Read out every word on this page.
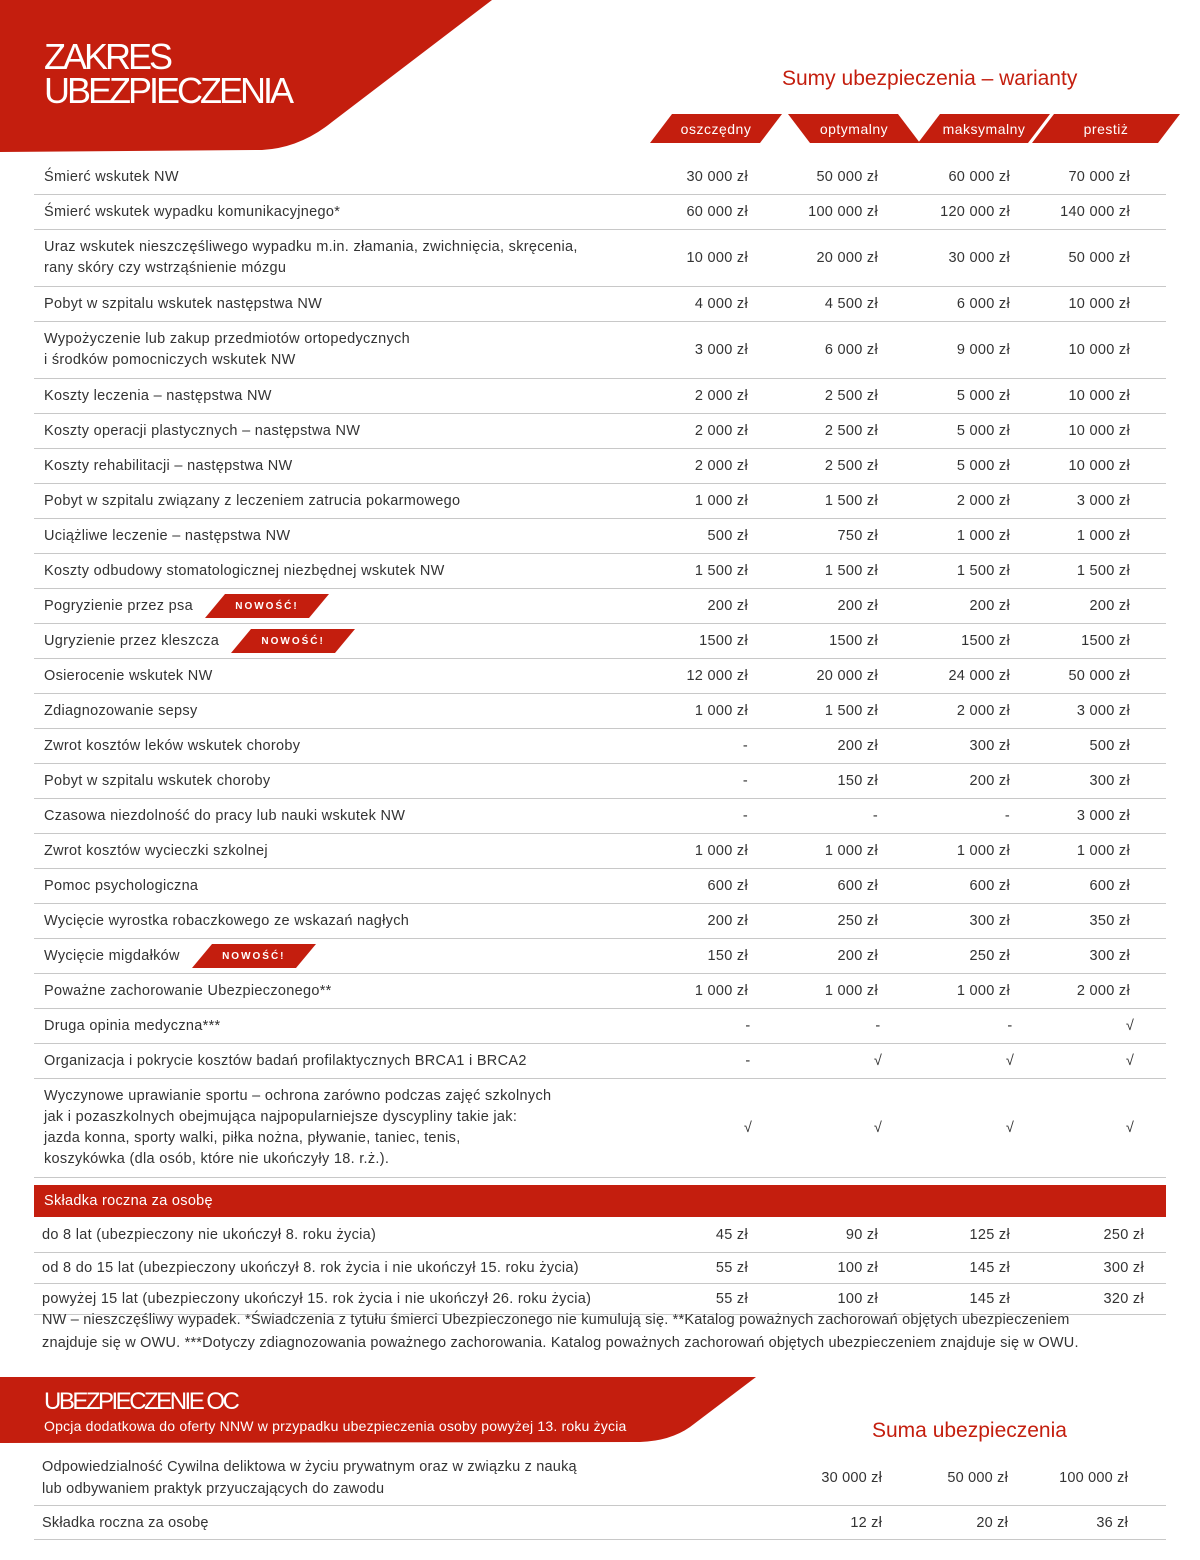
ZAKRES
UBEZPIECZENIA	Sumy ubezpieczenia – warianty
oszczędny	optymalny	maksymalny	prestiż
Śmierć wskutek NW	30 000 zł	50 000 zł	60 000 zł	70 000 zł
Śmierć wskutek wypadku komunikacyjnego*	60 000 zł	100 000 zł	120 000 zł	140 000 zł
Uraz wskutek nieszczęśliwego wypadku m.in. złamania, zwichnięcia, skręcenia,
rany skóry czy wstrząśnienie mózgu
10 000 zł	20 000 zł	30 000 zł	50 000 zł
Pobyt w szpitalu wskutek następstwa NW	4 000 zł	4 500 zł	6 000 zł	10 000 zł
Wypożyczenie lub zakup przedmiotów ortopedycznych
i środków pomocniczych wskutek NW
3 000 zł	6 000 zł	9 000 zł	10 000 zł
Koszty leczenia – następstwa NW	2 000 zł	2 500 zł	5 000 zł	10 000 zł
Koszty operacji plastycznych – następstwa NW	2 000 zł	2 500 zł	5 000 zł	10 000 zł
Koszty rehabilitacji – następstwa NW	2 000 zł	2 500 zł	5 000 zł	10 000 zł
Pobyt w szpitalu związany z leczeniem zatrucia pokarmowego	1 000 zł	1 500 zł	2 000 zł	3 000 zł
Uciążliwe leczenie – następstwa NW	500 zł	750 zł	1 000 zł	1 000 zł
Koszty odbudowy stomatologicznej niezbędnej wskutek NW	1 500 zł	1 500 zł	1 500 zł	1 500 zł
Pogryzienie przez psa	NOWOŚĆ!	200 zł	200 zł	200 zł	200 zł
Ugryzienie przez kleszcza	NOWOŚĆ!	1500 zł	1500 zł	1500 zł	1500 zł
Osierocenie wskutek NW	12 000 zł	20 000 zł	24 000 zł	50 000 zł
Zdiagnozowanie sepsy	1 000 zł	1 500 zł	2 000 zł	3 000 zł
Zwrot kosztów leków wskutek choroby	-	200 zł	300 zł	500 zł
Pobyt w szpitalu wskutek choroby	-	150 zł	200 zł	300 zł
Czasowa niezdolność do pracy lub nauki wskutek NW	-	-	-	3 000 zł
Zwrot kosztów wycieczki szkolnej	1 000 zł	1 000 zł	1 000 zł	1 000 zł
Pomoc psychologiczna	600 zł	600 zł	600 zł	600 zł
Wycięcie wyrostka robaczkowego ze wskazań nagłych	200 zł	250 zł	300 zł	350 zł
Wycięcie migdałków	NOWOŚĆ!	150 zł	200 zł	250 zł	300 zł
Poważne zachorowanie Ubezpieczonego**	1 000 zł	1 000 zł	1 000 zł	2 000 zł
Druga opinia medyczna***	-	-	-	√
Organizacja i pokrycie kosztów badań profilaktycznych BRCA1 i BRCA2	-	√	√	√
Wyczynowe uprawianie sportu – ochrona zarówno podczas zajęć szkolnych
jak i pozaszkolnych obejmująca najpopularniejsze dyscypliny takie jak:
jazda konna, sporty walki, piłka nożna, pływanie, taniec, tenis,
koszykówka (dla osób, które nie ukończyły 18. r.ż.).
√	√	√	√
Składka roczna za osobę
do 8 lat (ubezpieczony nie ukończył 8. roku życia)	45 zł	90 zł	125 zł	250 zł
od 8 do 15 lat (ubezpieczony ukończył 8. rok życia i nie ukończył 15. roku życia)	55 zł	100 zł	145 zł	300 zł
powyżej 15 lat (ubezpieczony ukończył 15. rok życia i nie ukończył 26. roku życia)	55 zł	100 zł	145 zł	320 zł
NW – nieszczęśliwy wypadek. *Świadczenia z tytułu śmierci Ubezpieczonego nie kumulują się. **Katalog poważnych zachorowań objętych ubezpieczeniem
znajduje się w OWU. ***Dotyczy zdiagnozowania poważnego zachorowania. Katalog poważnych zachorowań objętych ubezpieczeniem znajduje się w OWU.
UBEZPIECZENIE OC
Opcja dodatkowa do oferty NNW w przypadku ubezpieczenia osoby powyżej 13. roku życia	Suma ubezpieczenia
Odpowiedzialność Cywilna deliktowa w życiu prywatnym oraz w związku z nauką
lub odbywaniem praktyk przyuczających do zawodu
30 000 zł	50 000 zł	100 000 zł
Składka roczna za osobę	12 zł	20 zł	36 zł
